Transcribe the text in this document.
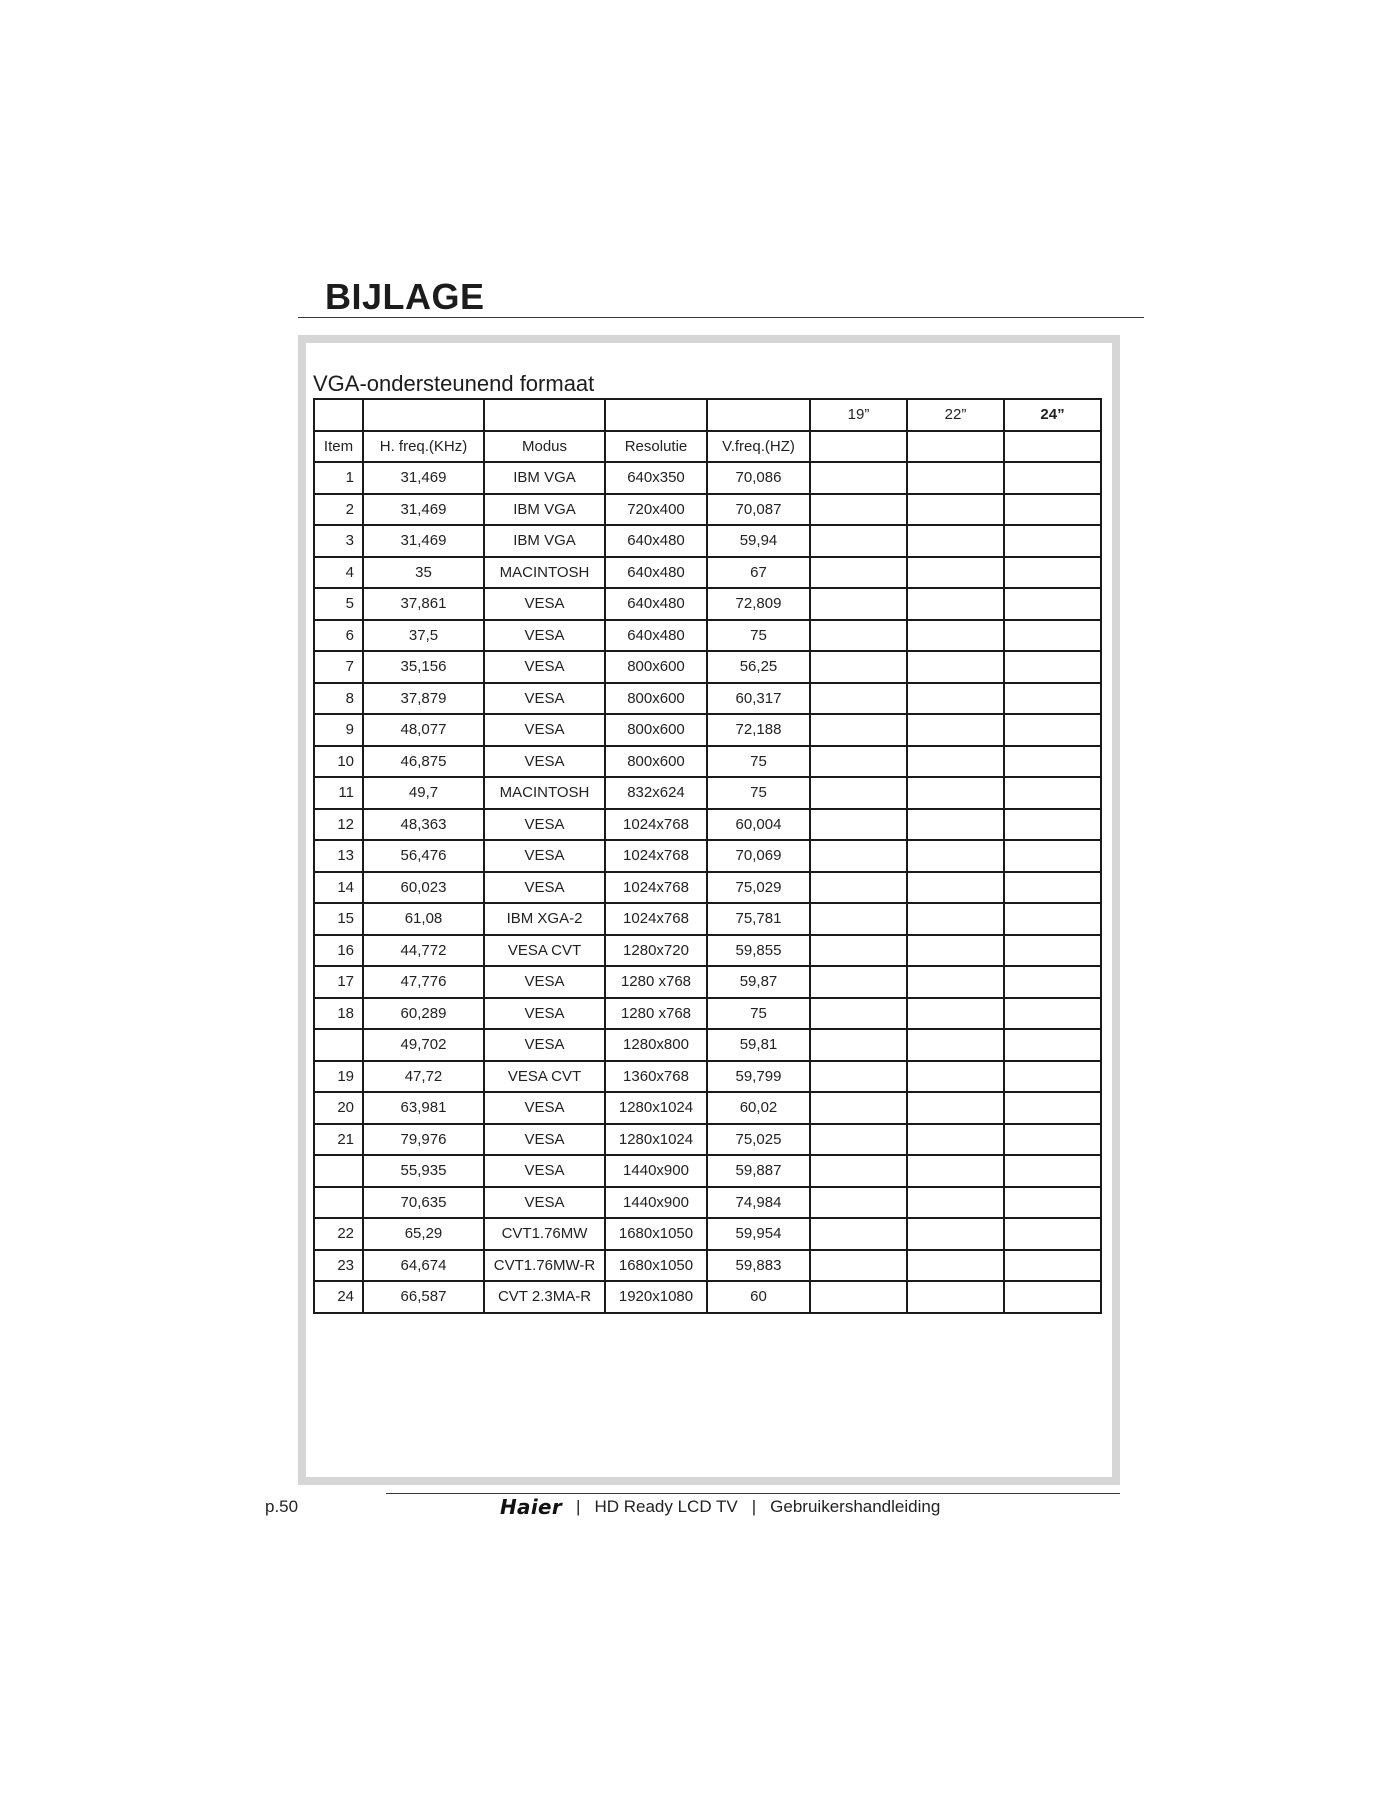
BIJLAGE
VGA-ondersteunend formaat
					19”	22”	24”
Item	H. freq.(KHz)	Modus	Resolutie	V.freq.(HZ)			
1	31,469	IBM VGA	640x350	70,086			
2	31,469	IBM VGA	720x400	70,087			
3	31,469	IBM VGA	640x480	59,94			
4	35	MACINTOSH	640x480	67			
5	37,861	VESA	640x480	72,809			
6	37,5	VESA	640x480	75			
7	35,156	VESA	800x600	56,25			
8	37,879	VESA	800x600	60,317			
9	48,077	VESA	800x600	72,188			
10	46,875	VESA	800x600	75			
11	49,7	MACINTOSH	832x624	75			
12	48,363	VESA	1024x768	60,004			
13	56,476	VESA	1024x768	70,069			
14	60,023	VESA	1024x768	75,029			
15	61,08	IBM XGA-2	1024x768	75,781			
16	44,772	VESA CVT	1280x720	59,855			
17	47,776	VESA	1280 x768	59,87			
18	60,289	VESA	1280 x768	75			
	49,702	VESA	1280x800	59,81			
19	47,72	VESA CVT	1360x768	59,799			
20	63,981	VESA	1280x1024	60,02			
21	79,976	VESA	1280x1024	75,025			
	55,935	VESA	1440x900	59,887			
	70,635	VESA	1440x900	74,984			
22	65,29	CVT1.76MW	1680x1050	59,954			
23	64,674	CVT1.76MW-R	1680x1050	59,883			
24	66,587	CVT 2.3MA-R	1920x1080	60			
p.50	Haier | HD Ready LCD TV | Gebruikershandleiding
